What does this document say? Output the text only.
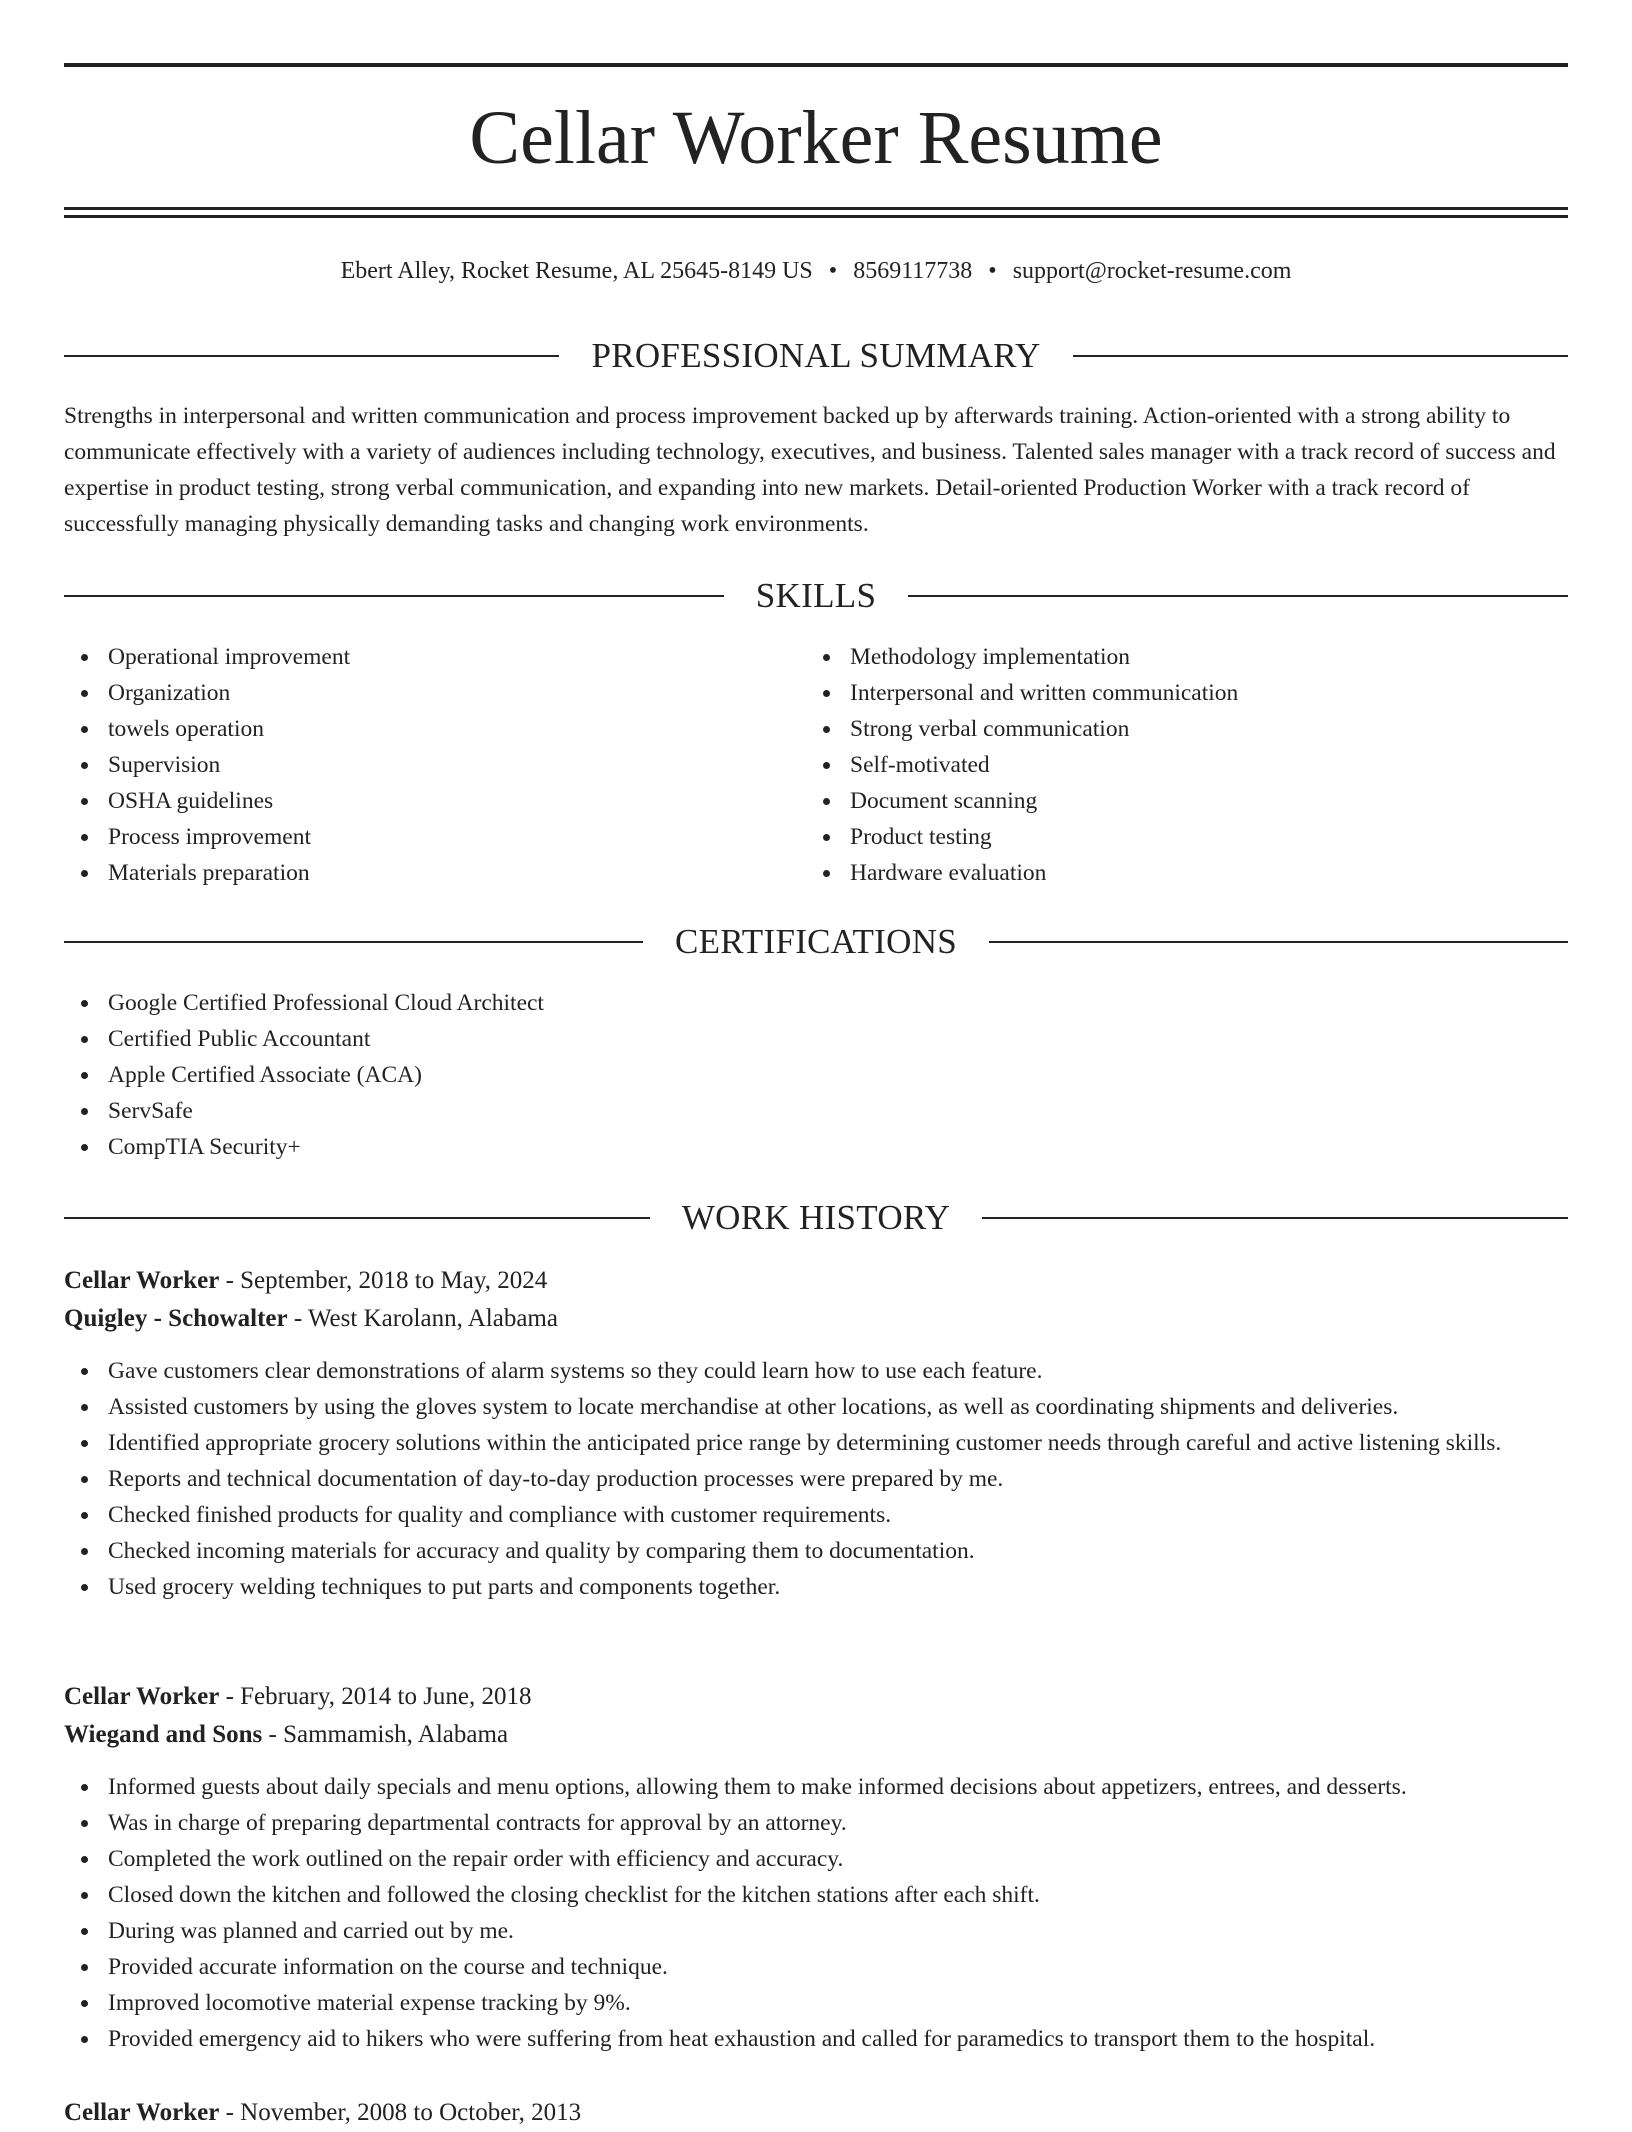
Cellar Worker Resume
Ebert Alley, Rocket Resume, AL 25645-8149 US • 8569117738 • support@rocket-resume.com
PROFESSIONAL SUMMARY

Strengths in interpersonal and written communication and process improvement backed up by afterwards training. Action-oriented with a strong ability to communicate effectively with a variety of audiences including technology, executives, and business. Talented sales manager with a track record of success and expertise in product testing, strong verbal communication, and expanding into new markets. Detail-oriented Production Worker with a track record of successfully managing physically demanding tasks and changing work environments.

SKILLS
Operational improvement
Organization
towels operation
Supervision
OSHA guidelines
Process improvement
Materials preparation
Methodology implementation
Interpersonal and written communication
Strong verbal communication
Self-motivated
Document scanning
Product testing
Hardware evaluation
CERTIFICATIONS
Google Certified Professional Cloud Architect
Certified Public Accountant
Apple Certified Associate (ACA)
ServSafe
CompTIA Security+
WORK HISTORY
Cellar Worker - September, 2018 to May, 2024
Quigley - Schowalter - West Karolann, Alabama
Gave customers clear demonstrations of alarm systems so they could learn how to use each feature.
Assisted customers by using the gloves system to locate merchandise at other locations, as well as coordinating shipments and deliveries.
Identified appropriate grocery solutions within the anticipated price range by determining customer needs through careful and active listening skills.
Reports and technical documentation of day-to-day production processes were prepared by me.
Checked finished products for quality and compliance with customer requirements.
Checked incoming materials for accuracy and quality by comparing them to documentation.
Used grocery welding techniques to put parts and components together.
Cellar Worker - February, 2014 to June, 2018
Wiegand and Sons - Sammamish, Alabama
Informed guests about daily specials and menu options, allowing them to make informed decisions about appetizers, entrees, and desserts.
Was in charge of preparing departmental contracts for approval by an attorney.
Completed the work outlined on the repair order with efficiency and accuracy.
Closed down the kitchen and followed the closing checklist for the kitchen stations after each shift.
During was planned and carried out by me.
Provided accurate information on the course and technique.
Improved locomotive material expense tracking by 9%.
Provided emergency aid to hikers who were suffering from heat exhaustion and called for paramedics to transport them to the hospital.
Cellar Worker - November, 2008 to October, 2013
